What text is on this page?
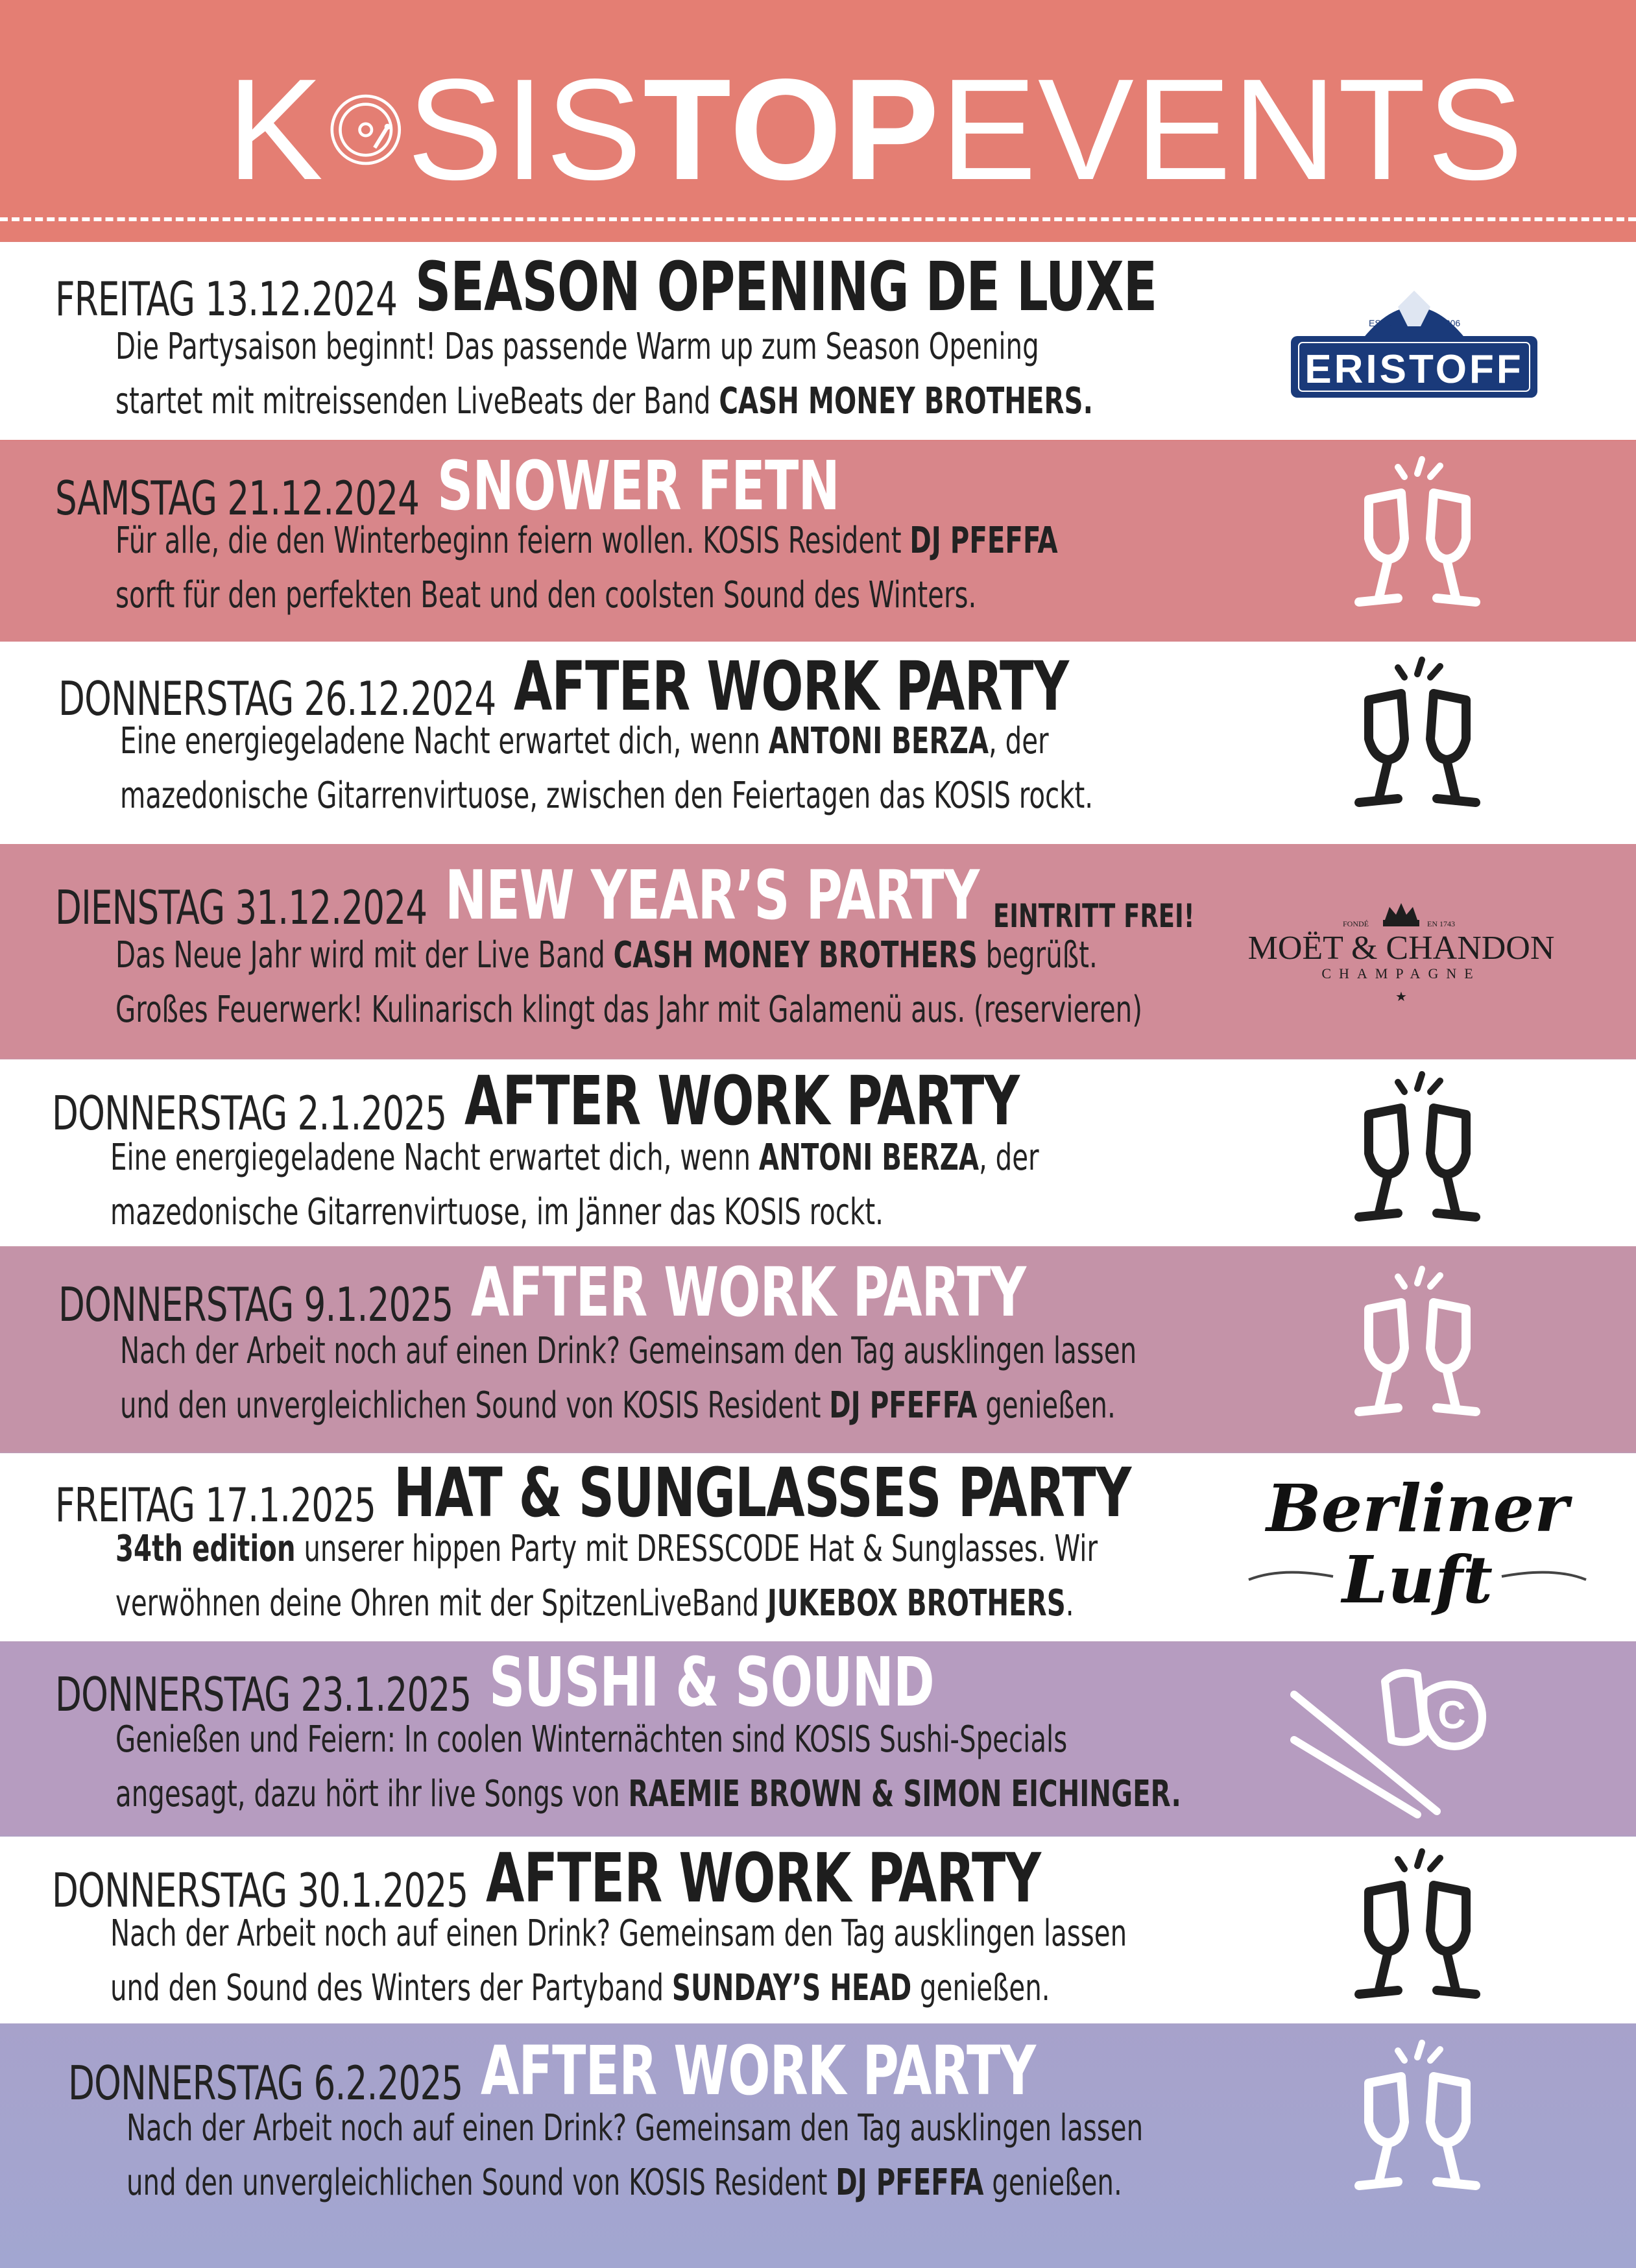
K SIS TOP EVENTS
FREITAG 13.12.2024 SEASON OPENING DE LUXE
Die Partysaison beginnt! Das passende Warm up zum Season Opening
startet mit mitreissenden LiveBeats der Band CASH MONEY BROTHERS.
ESTD	1806
ERISTOFF
SAMSTAG 21.12.2024 SNOWER FETN
Für alle, die den Winterbeginn feiern wollen. KOSIS Resident DJ PFEFFA
sorft für den perfekten Beat und den coolsten Sound des Winters.
DONNERSTAG 26.12.2024 AFTER WORK PARTY
Eine energiegeladene Nacht erwartet dich, wenn ANTONI BERZA, der
mazedonische Gitarrenvirtuose, zwischen den Feiertagen das KOSIS rockt.
DIENSTAG 31.12.2024 NEW YEAR’S PARTY EINTRITT FREI!
Das Neue Jahr wird mit der Live Band CASH MONEY BROTHERS begrüßt.
Großes Feuerwerk! Kulinarisch klingt das Jahr mit Galamenü aus. (reservieren)
FONDÉ	EN 1743
MOËT & CHANDON
CHAMPAGNE
★
DONNERSTAG 2.1.2025 AFTER WORK PARTY
Eine energiegeladene Nacht erwartet dich, wenn ANTONI BERZA, der
mazedonische Gitarrenvirtuose, im Jänner das KOSIS rockt.
DONNERSTAG 9.1.2025 AFTER WORK PARTY
Nach der Arbeit noch auf einen Drink? Gemeinsam den Tag ausklingen lassen
und den unvergleichlichen Sound von KOSIS Resident DJ PFEFFA genießen.
FREITAG 17.1.2025 HAT & SUNGLASSES PARTY
34th edition unserer hippen Party mit DRESSCODE Hat & Sunglasses. Wir
verwöhnen deine Ohren mit der SpitzenLiveBand JUKEBOX BROTHERS.
Berliner
Luft
DONNERSTAG 23.1.2025 SUSHI & SOUND
Genießen und Feiern: In coolen Winternächten sind KOSIS Sushi-Specials
angesagt, dazu hört ihr live Songs von RAEMIE BROWN & SIMON EICHINGER.
C
DONNERSTAG 30.1.2025 AFTER WORK PARTY
Nach der Arbeit noch auf einen Drink? Gemeinsam den Tag ausklingen lassen
und den Sound des Winters der Partyband SUNDAY’S HEAD genießen.
DONNERSTAG 6.2.2025 AFTER WORK PARTY
Nach der Arbeit noch auf einen Drink? Gemeinsam den Tag ausklingen lassen
und den unvergleichlichen Sound von KOSIS Resident DJ PFEFFA genießen.
